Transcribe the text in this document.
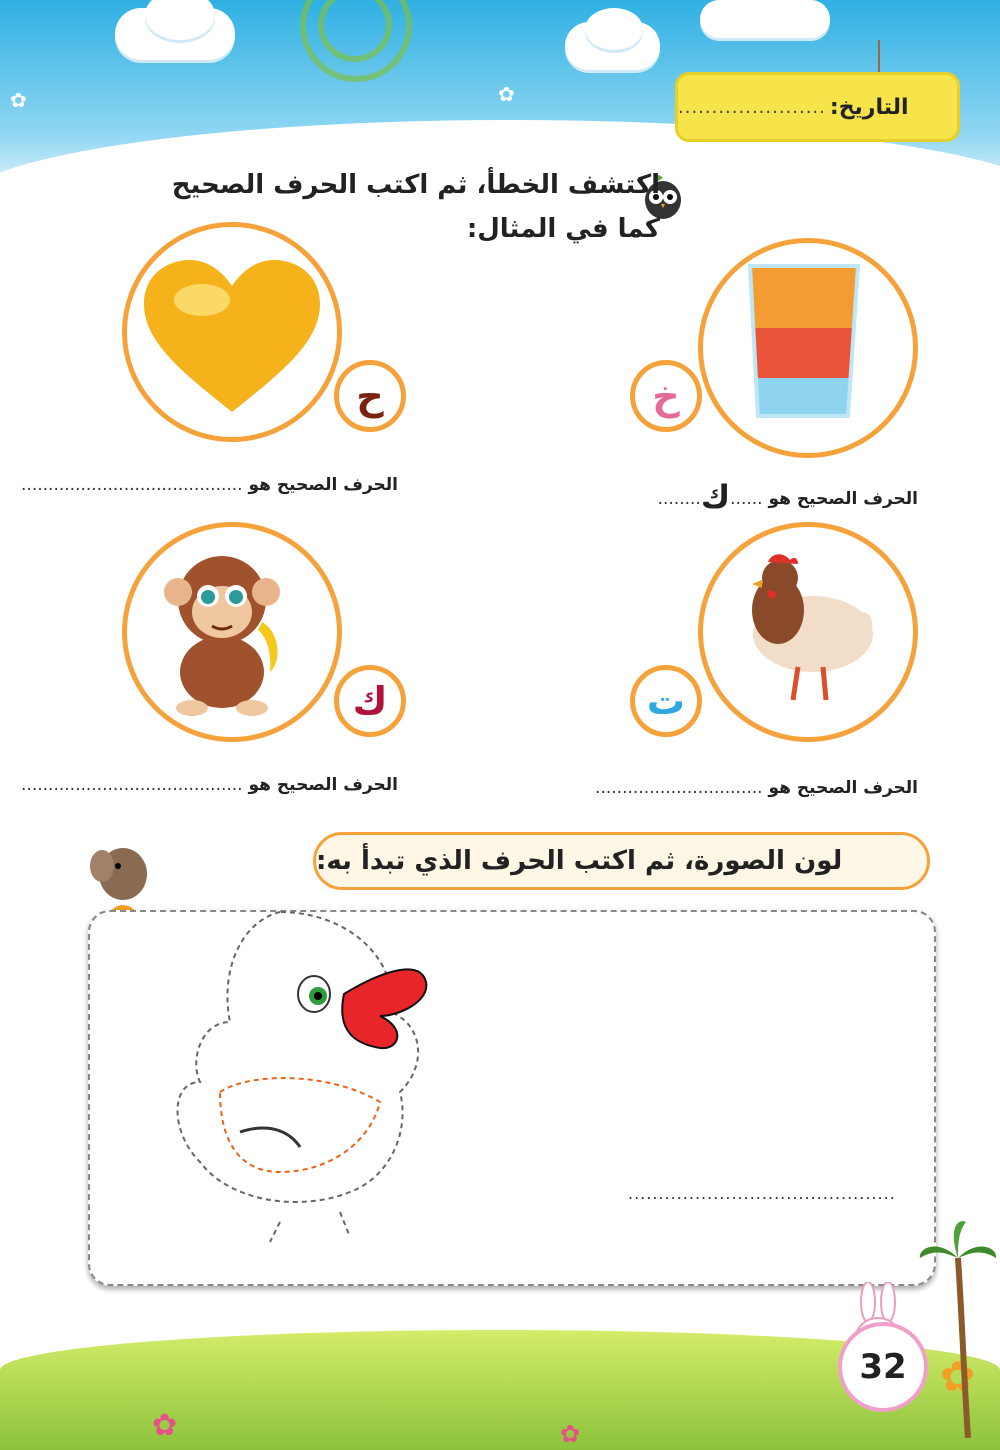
✿	✿
التاريخ:
......................
اكتشف الخطأ، ثم اكتب الحرف الصحيح
كما في المثال:
خ
الحرف الصحيح هو ......ك........
ح
الحرف الصحيح هو .........................................
ت
الحرف الصحيح هو ...............................
ك
الحرف الصحيح هو .........................................
لون الصورة، ثم اكتب الحرف الذي تبدأ به:
............................................
✿	✿
✿
32
